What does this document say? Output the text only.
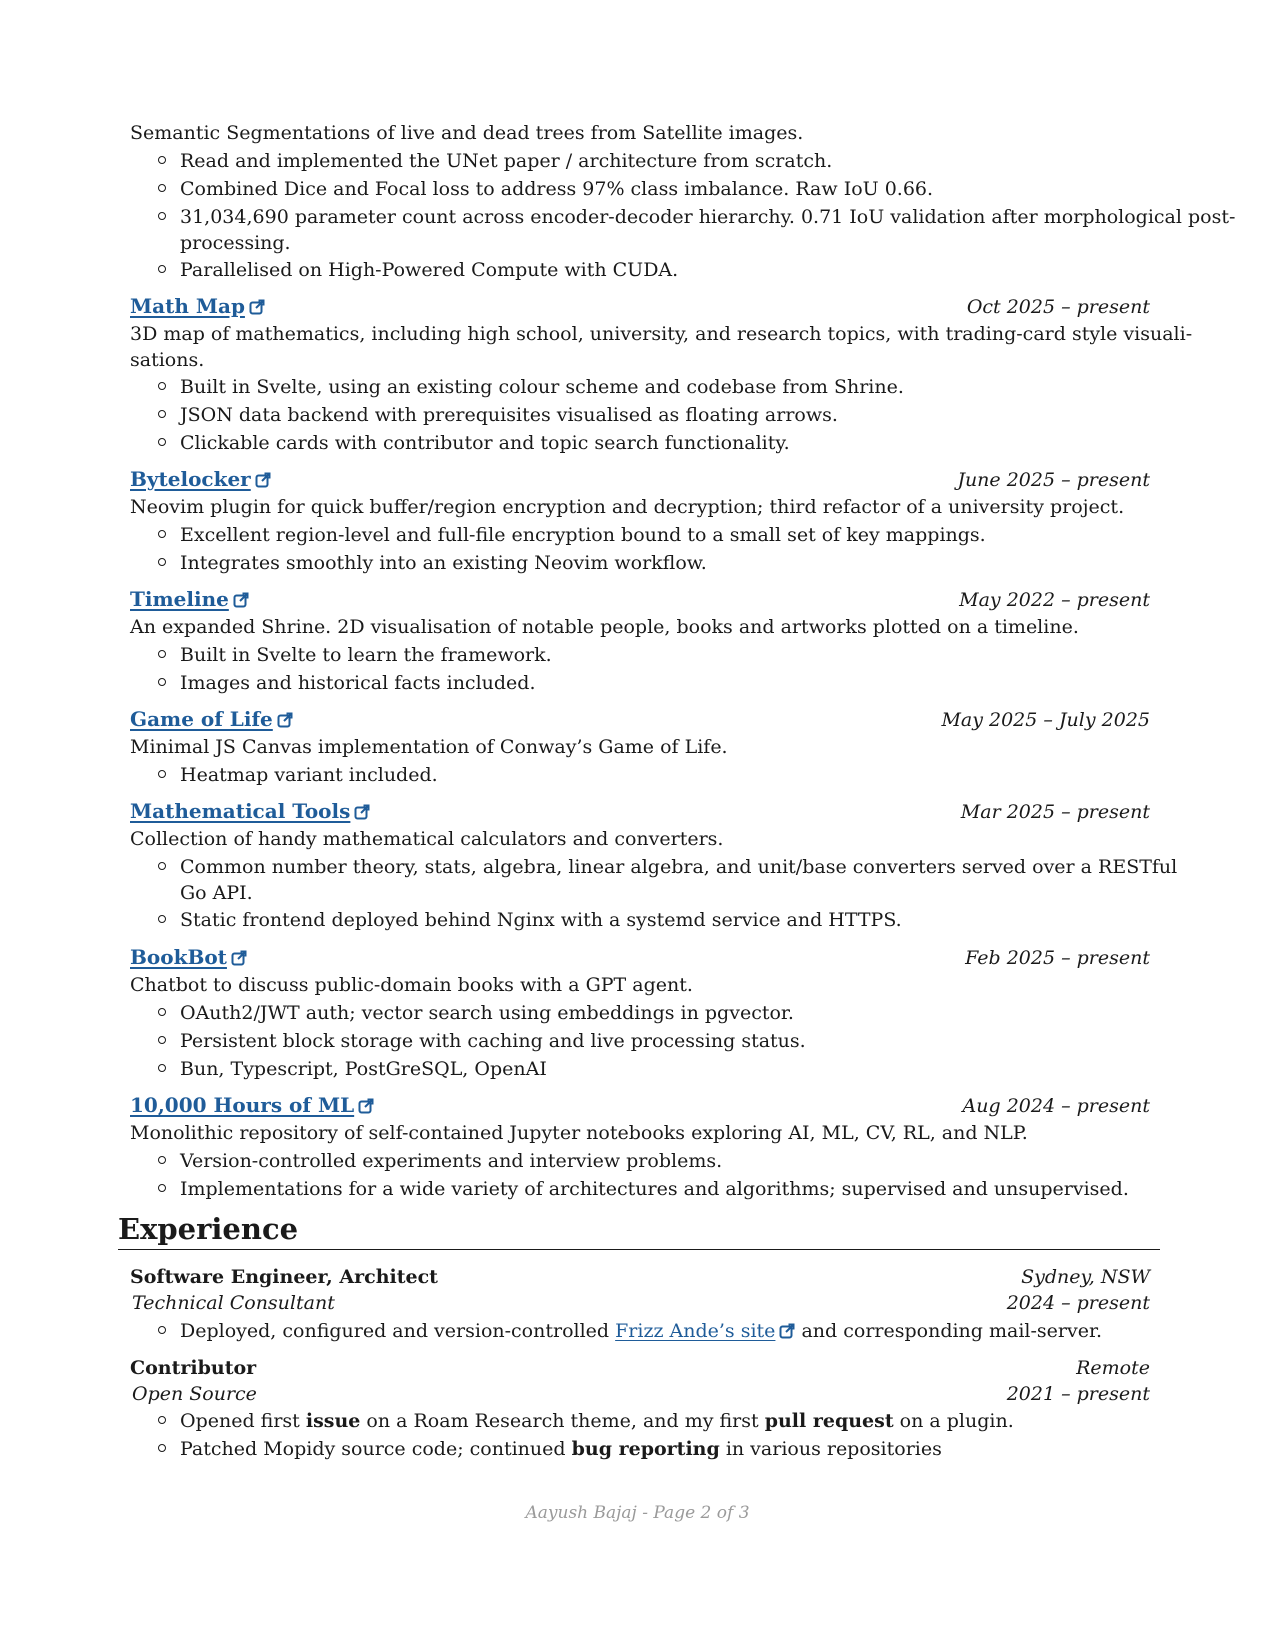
Semantic Segmentations of live and dead trees from Satellite images.
Read and implemented the UNet paper / architecture from scratch.
Combined Dice and Focal loss to address 97% class imbalance. Raw IoU 0.66.
31,034,690 parameter count across encoder-decoder hierarchy. 0.71 IoU validation after morphological post-
processing.
Parallelised on High-Powered Compute with CUDA.
Math Map	Oct 2025 – present
3D map of mathematics, including high school, university, and research topics, with trading-card style visuali-
sations.
Built in Svelte, using an existing colour scheme and codebase from Shrine.
JSON data backend with prerequisites visualised as floating arrows.
Clickable cards with contributor and topic search functionality.
Bytelocker	June 2025 – present
Neovim plugin for quick buffer/region encryption and decryption; third refactor of a university project.
Excellent region-level and full-file encryption bound to a small set of key mappings.
Integrates smoothly into an existing Neovim workflow.
Timeline	May 2022 – present
An expanded Shrine. 2D visualisation of notable people, books and artworks plotted on a timeline.
Built in Svelte to learn the framework.
Images and historical facts included.
Game of Life	May 2025 – July 2025
Minimal JS Canvas implementation of Conway’s Game of Life.
Heatmap variant included.
Mathematical Tools	Mar 2025 – present
Collection of handy mathematical calculators and converters.
Common number theory, stats, algebra, linear algebra, and unit/base converters served over a RESTful
Go API.
Static frontend deployed behind Nginx with a systemd service and HTTPS.
BookBot	Feb 2025 – present
Chatbot to discuss public-domain books with a GPT agent.
OAuth2/JWT auth; vector search using embeddings in pgvector.
Persistent block storage with caching and live processing status.
Bun, Typescript, PostGreSQL, OpenAI
10,000 Hours of ML	Aug 2024 – present
Monolithic repository of self-contained Jupyter notebooks exploring AI, ML, CV, RL, and NLP.
Version-controlled experiments and interview problems.
Implementations for a wide variety of architectures and algorithms; supervised and unsupervised.
Experience
Software Engineer, Architect	Sydney, NSW
Technical Consultant	2024 – present
Deployed, configured and version-controlled Frizz Ande’s site and corresponding mail-server.
Contributor	Remote
Open Source	2021 – present
Opened first issue on a Roam Research theme, and my first pull request on a plugin.
Patched Mopidy source code; continued bug reporting in various repositories
Aayush Bajaj - Page 2 of 3
